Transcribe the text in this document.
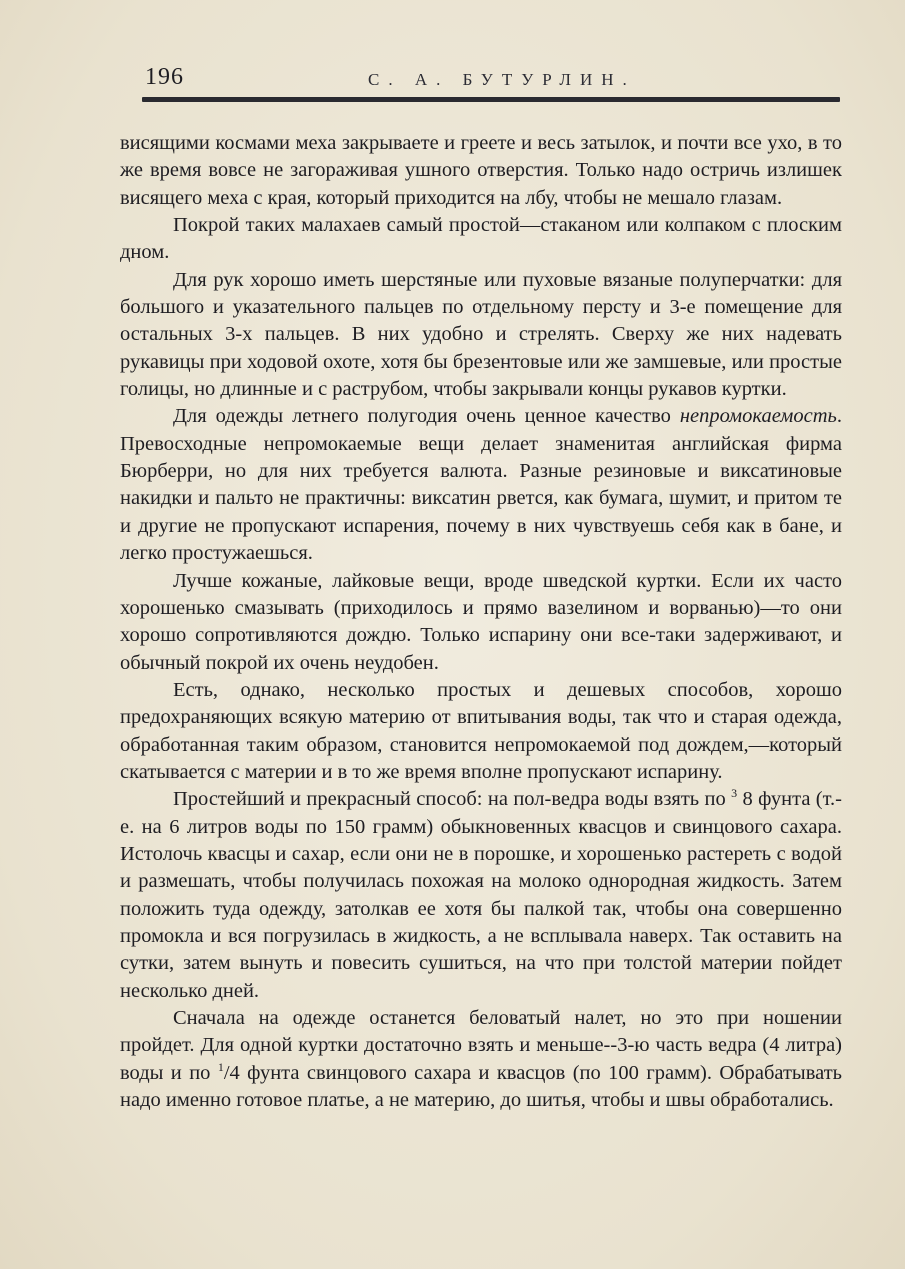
196	С. А. БУТУРЛИН.

висящими космами меха закрываете и греете и весь затылок, и почти все ухо, в то же время вовсе не загораживая ушного отверстия. Только надо остричь излишек висящего меха с края, который приходится на лбу, чтобы не мешало глазам.

Покрой таких малахаев самый простой—стаканом или колпаком с плоским дном.

Для рук хорошо иметь шерстяные или пуховые вязаные полуперчатки: для большого и указательного пальцев по отдельному персту и 3-е помещение для остальных 3-х пальцев. В них удобно и стрелять. Сверху же них надевать рукавицы при ходовой охоте, хотя бы брезентовые или же замшевые, или простые голицы, но длинные и с раструбом, чтобы закрывали концы рукавов куртки.

Для одежды летнего полугодия очень ценное качество непромокаемость. Превосходные непромокаемые вещи делает знаменитая английская фирма Бюрберри, но для них требуется валюта. Разные резиновые и виксатиновые накидки и пальто не практичны: виксатин рвется, как бумага, шумит, и притом те и другие не пропускают испарения, почему в них чувствуешь себя как в бане, и легко простужаешься.

Лучше кожаные, лайковые вещи, вроде шведской куртки. Если их часто хорошенько смазывать (приходилось и прямо вазелином и ворванью)—то они хорошо сопротивляются дождю. Только испарину они все-таки задерживают, и обычный покрой их очень неудобен.

Есть, однако, несколько простых и дешевых способов, хорошо предохраняющих всякую материю от впитывания воды, так что и старая одежда, обработанная таким образом, становится непромокаемой под дождем,—который скатывается с материи и в то же время вполне пропускают испарину.

Простейший и прекрасный способ: на пол-ведра воды взять по $^3$ 8 фунта (т.-е. на 6 литров воды по 150 грамм) обыкновенных квасцов и свинцового сахара. Истолочь квасцы и сахар, если они не в порошке, и хорошенько растереть с водой и размешать, чтобы получилась похожая на молоко однородная жидкость. Затем положить туда одежду, затолкав ее хотя бы палкой так, чтобы она совершенно промокла и вся погрузилась в жидкость, а не всплывала наверх. Так оставить на сутки, затем вынуть и повесить сушиться, на что при толстой материи пойдет несколько дней.

Сначала на одежде останется беловатый налет, но это при ношении пройдет. Для одной куртки достаточно взять и меньше--3-ю часть ведра (4 литра) воды и по $^1$/4 фунта свинцового сахара и квасцов (по 100 грамм). Обрабатывать надо именно готовое платье, а не материю, до шитья, чтобы и швы обработались.
